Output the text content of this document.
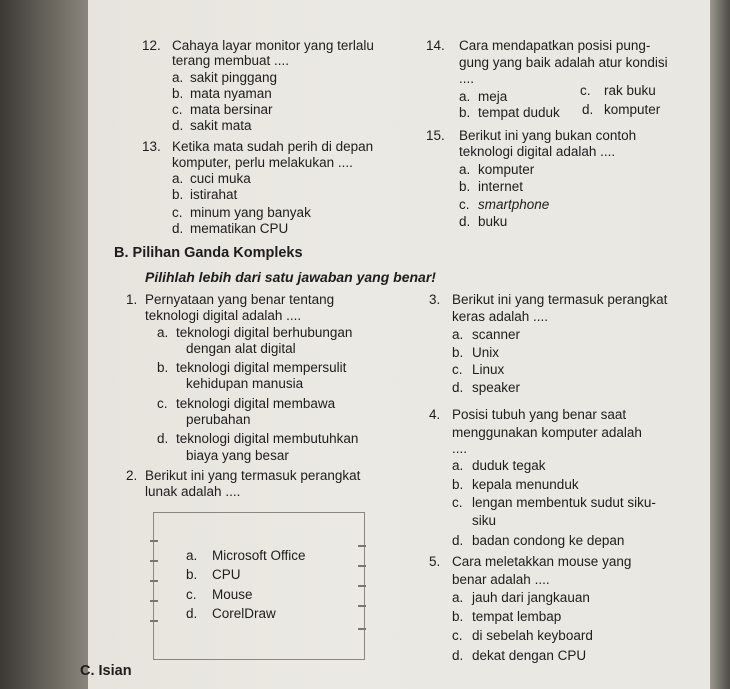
12. Cahaya layar monitor yang terlalu
terang membuat ....
a. sakit pinggang
b. mata nyaman
c. mata bersinar
d. sakit mata
13. Ketika mata sudah perih di depan
komputer, perlu melakukan ....
a. cuci muka
b. istirahat
c. minum yang banyak
d. mematikan CPU
B. Pilihan Ganda Kompleks
Pilihlah lebih dari satu jawaban yang benar!
1. Pernyataan yang benar tentang
teknologi digital adalah ....
a. teknologi digital berhubungan
dengan alat digital
b. teknologi digital mempersulit
kehidupan manusia
c. teknologi digital membawa
perubahan
d. teknologi digital membutuhkan
biaya yang besar
2. Berikut ini yang termasuk perangkat
lunak adalah ....
a. Microsoft Office
b. CPU
c. Mouse
d. CorelDraw
C. Isian
14. Cara mendapatkan posisi pung-
gung yang baik adalah atur kondisi
....
a. meja	c. rak buku
b. tempat duduk d. komputer
15. Berikut ini yang bukan contoh
teknologi digital adalah ....
a. komputer
b. internet
c. smartphone
d. buku
3. Berikut ini yang termasuk perangkat
keras adalah ....
a. scanner
b. Unix
c. Linux
d. speaker
4. Posisi tubuh yang benar saat
menggunakan komputer adalah
....
a. duduk tegak
b. kepala menunduk
c. lengan membentuk sudut siku-
siku
d. badan condong ke depan
5. Cara meletakkan mouse yang
benar adalah ....
a. jauh dari jangkauan
b. tempat lembap
c. di sebelah keyboard
d. dekat dengan CPU
